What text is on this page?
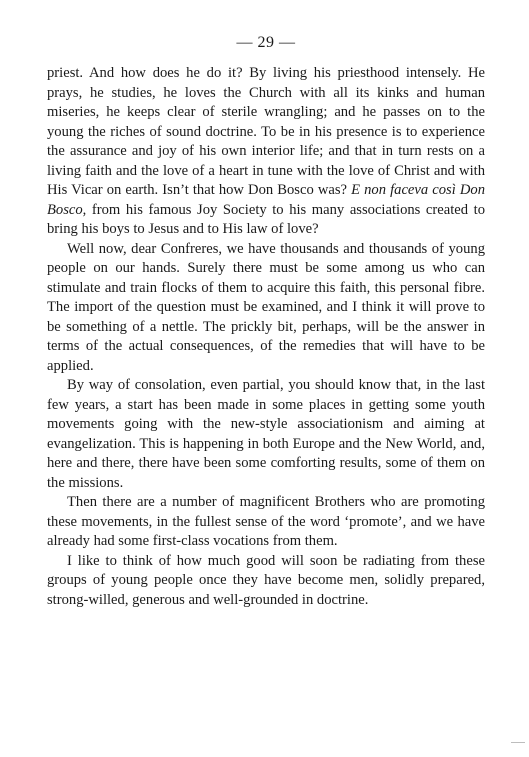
— 29 —

priest. And how does he do it? By living his priesthood intensely. He prays, he studies, he loves the Church with all its kinks and human miseries, he keeps clear of sterile wrangling; and he passes on to the young the riches of sound doctrine. To be in his presence is to experience the assurance and joy of his own interior life; and that in turn rests on a living faith and the love of a heart in tune with the love of Christ and with His Vicar on earth. Isn’t that how Don Bosco was? E non faceva così Don Bosco, from his famous Joy Society to his many associations created to bring his boys to Jesus and to His law of love?

Well now, dear Confreres, we have thousands and thousands of young people on our hands. Surely there must be some among us who can stimulate and train flocks of them to acquire this faith, this personal fibre. The import of the question must be examined, and I think it will prove to be something of a nettle. The prickly bit, perhaps, will be the answer in terms of the actual consequences, of the remedies that will have to be applied.

By way of consolation, even partial, you should know that, in the last few years, a start has been made in some places in getting some youth movements going with the new-style associationism and aiming at evangelization. This is happening in both Europe and the New World, and, here and there, there have been some comforting results, some of them on the missions.

Then there are a number of magnificent Brothers who are promoting these movements, in the fullest sense of the word ‘promote’, and we have already had some first-class vocations from them.

I like to think of how much good will soon be radiating from these groups of young people once they have become men, solidly prepared, strong-willed, generous and well-grounded in doctrine.
